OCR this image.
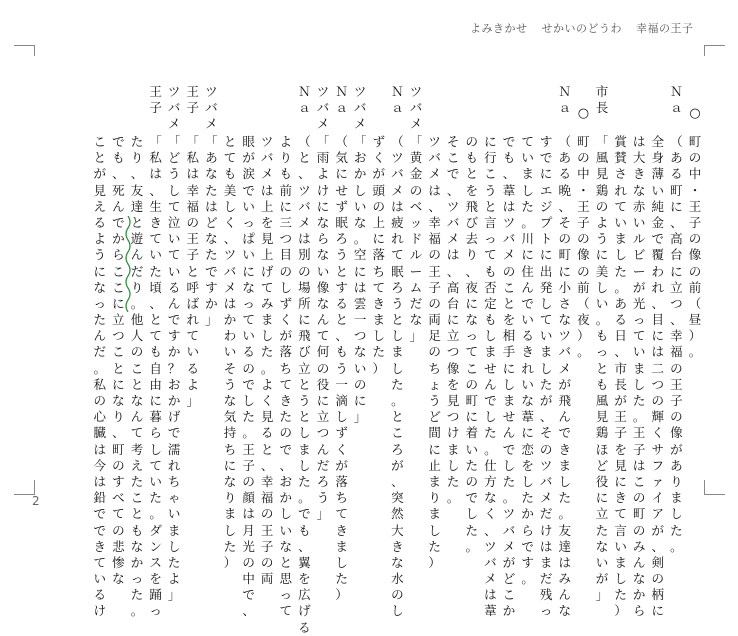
よみきかせ せかいのどうわ 幸福の王子
2
○
町
の
中
・
王
子
の
像
の
前
（
昼
）
。
Ｎ
ａ
（
あ
る
町
に
、
高
台
に
立
つ
、
幸
福
の
王
子
の
像
が
あ
り
ま
し
た
。
全
身
薄
い
純
金
で
覆
わ
れ
、
目
に
は
二
つ
の
輝
く
サ
フ
ァ
イ
ア
が
、
剣
の
柄
に
は
大
き
な
赤
い
ル
ビ
ー
が
光
っ
て
い
ま
し
た
。
王
子
は
こ
の
町
の
み
ん
な
か
ら
賞
賛
さ
れ
て
い
ま
し
た
。
あ
る
日
、
市
長
が
王
子
を
見
に
き
て
言
い
ま
し
た
）
市
長
「
風
見
鶏
の
よ
う
に
美
し
い
。
も
っ
と
も
風
見
鶏
ほ
ど
役
に
立
た
な
い
が
」
○
町
の
中
・
王
子
の
像
の
前
（
夜
）
。
Ｎ
ａ
（
あ
る
晩
、
そ
の
町
に
小
さ
な
ツ
バ
メ
が
飛
ん
で
き
ま
し
た
。
友
達
は
み
ん
な
す
で
に
エ
ジ
プ
ト
に
出
発
し
て
い
ま
し
た
が
、
そ
の
ツ
バ
メ
だ
け
は
ま
だ
残
っ
て
い
ま
し
た
。
川
に
住
ん
で
い
る
き
れ
い
な
葦
に
恋
を
し
た
か
ら
で
す
。
で
も
、
葦
は
ツ
バ
メ
の
こ
と
を
相
手
に
し
ま
せ
ん
で
し
た
。
ツ
バ
メ
が
ど
こ
か
に
行
こ
う
と
言
っ
て
も
否
定
も
し
ま
せ
ん
で
し
た
。
仕
方
な
く
、
ツ
バ
メ
は
葦
の
も
と
を
飛
び
去
り
、
夜
に
な
っ
て
こ
の
町
に
着
い
た
の
で
し
た
。
そ
こ
で
、
ツ
バ
メ
は
、
高
台
に
立
つ
像
を
見
つ
け
ま
し
た
。
ツ
バ
メ
は
、
幸
福
の
王
子
の
両
足
の
ち
ょ
う
ど
間
に
止
ま
り
ま
し
た
）
ツ
バ
メ
「
黄
金
の
ベ
ッ
ド
ル
ー
ム
だ
な
」
Ｎ
ａ
（
ツ
バ
メ
は
疲
れ
て
眠
ろ
う
と
し
ま
し
た
。
と
こ
ろ
が
、
突
然
大
き
な
水
の
し
ず
く
が
頭
の
上
に
落
ち
て
き
ま
し
た
）
ツ
バ
メ
「
お
か
し
い
な
。
空
に
は
雲
一
つ
な
い
の
に
」
Ｎ
ａ
（
気
に
せ
ず
眠
ろ
う
と
す
る
と
、
も
う
一
滴
し
ず
く
が
落
ち
て
き
ま
し
た
）
ツ
バ
メ
「
雨
よ
け
に
な
ら
な
い
像
な
ん
て
何
の
役
に
立
つ
ん
だ
ろ
う
」
Ｎ
ａ
（
と
、
ツ
バ
メ
は
別
の
場
所
に
飛
び
立
と
う
と
し
ま
し
た
。
で
も
、
翼
を
広
げ
る
よ
り
も
前
に
三
つ
目
の
し
ず
く
が
落
ち
て
き
た
の
で
、
お
か
し
い
な
と
思
っ
て
ツ
バ
メ
は
上
を
見
上
げ
て
み
ま
し
た
。
よ
く
見
る
と
、
幸
福
の
王
子
の
両
眼
が
涙
で
い
っ
ぱ
い
に
な
っ
て
い
る
の
で
し
た
。
王
子
の
顔
は
月
光
の
中
で
、
と
て
も
美
し
く
、
ツ
バ
メ
は
か
わ
い
そ
う
な
気
持
ち
に
な
り
ま
し
た
）
ツ
バ
メ
「
あ
な
た
は
ど
な
た
で
す
か
」
王
子
「
私
は
幸
福
の
王
子
と
呼
ば
れ
て
い
る
よ
」
ツ
バ
メ
「
ど
う
し
て
泣
い
て
い
る
ん
で
す
か
？
お
か
げ
で
濡
れ
ち
ゃ
い
ま
し
た
よ
」
王
子
「
私
は
、
生
き
て
い
た
頃
、
と
て
も
自
由
に
暮
ら
し
て
い
た
。
ダ
ン
ス
を
踊
っ
た
り
、
友
達
と
遊
ん
だ
り
。
他
人
の
こ
と
な
ん
て
考
え
た
こ
と
も
な
か
っ
た
。
で
も
、
死
ん
で
か
ら
こ
こ
に
立
つ
こ
と
に
な
り
、
町
の
す
べ
て
の
悲
惨
な
こ
と
が
見
え
る
よ
う
に
な
っ
た
ん
だ
。
私
の
心
臓
は
今
は
鉛
で
で
き
て
い
る
け
